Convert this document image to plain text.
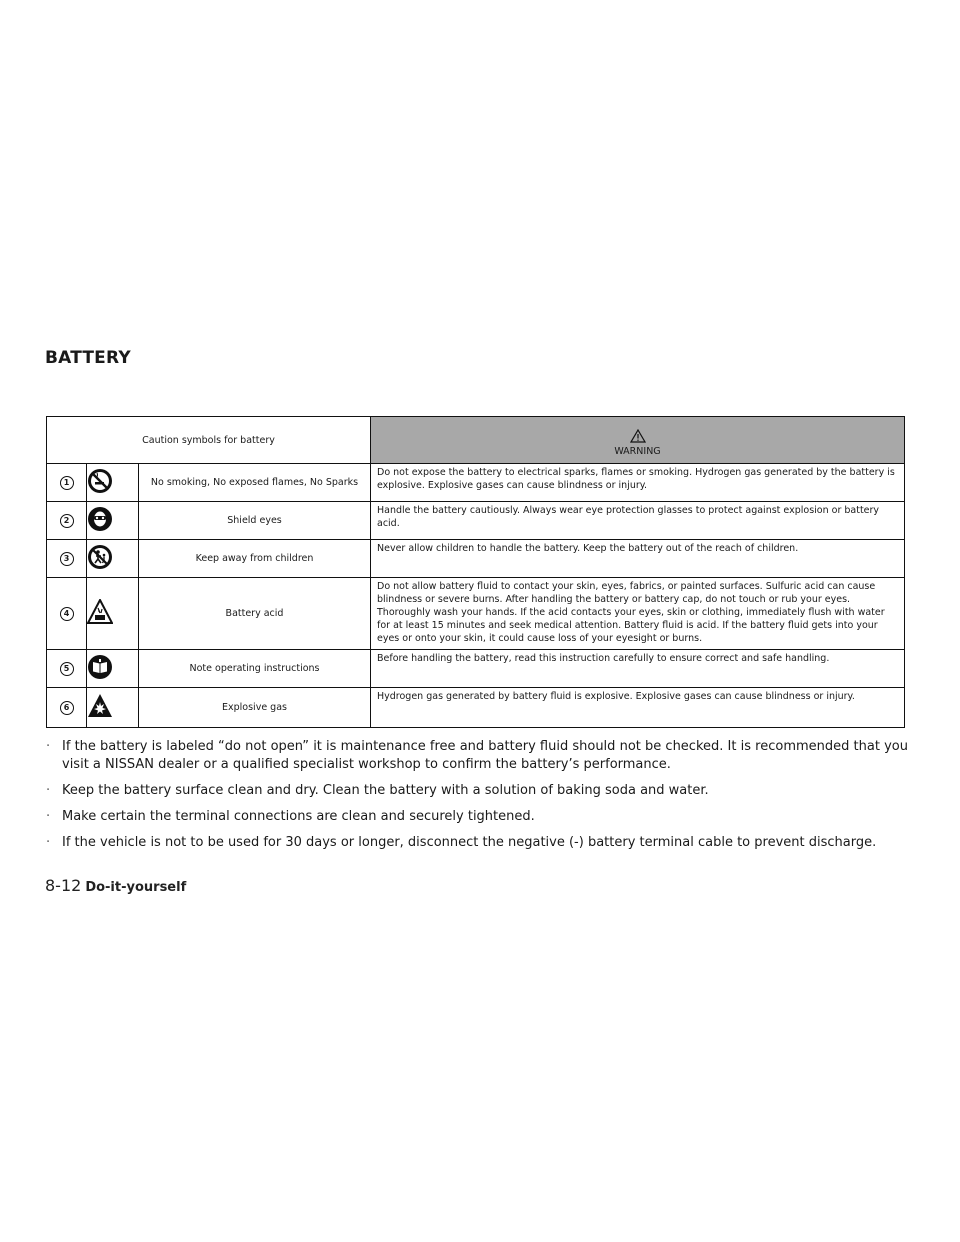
BATTERY
Caution symbols for battery			WARNING
1		No smoking, No exposed flames, No Sparks	Do not expose the battery to electrical sparks, flames or smoking. Hydrogen gas generated by the battery is explosive. Explosive gases can cause blindness or injury.
2		Shield eyes	Handle the battery cautiously. Always wear eye protection glasses to protect against explosion or battery acid.
3		Keep away from children	Never allow children to handle the battery. Keep the battery out of the reach of children.
4		Battery acid	Do not allow battery fluid to contact your skin, eyes, fabrics, or painted surfaces. Sulfuric acid can cause blindness or severe burns. After handling the battery or battery cap, do not touch or rub your eyes. Thoroughly wash your hands. If the acid contacts your eyes, skin or clothing, immediately flush with water for at least 15 minutes and seek medical attention. Battery fluid is acid. If the battery fluid gets into your eyes or onto your skin, it could cause loss of your eyesight or burns.
5		Note operating instructions	Before handling the battery, read this instruction carefully to ensure correct and safe handling.
6		Explosive gas	Hydrogen gas generated by battery fluid is explosive. Explosive gases can cause blindness or injury.
· If the battery is labeled “do not open” it is maintenance free and battery fluid should not be checked. It is recommended that you visit a NISSAN dealer or a qualified specialist workshop to confirm the battery’s performance.
· Keep the battery surface clean and dry. Clean the battery with a solution of baking soda and water.
· Make certain the terminal connections are clean and securely tightened.
· If the vehicle is not to be used for 30 days or longer, disconnect the negative (-) battery terminal cable to prevent discharge.
8-12 Do-it-yourself
